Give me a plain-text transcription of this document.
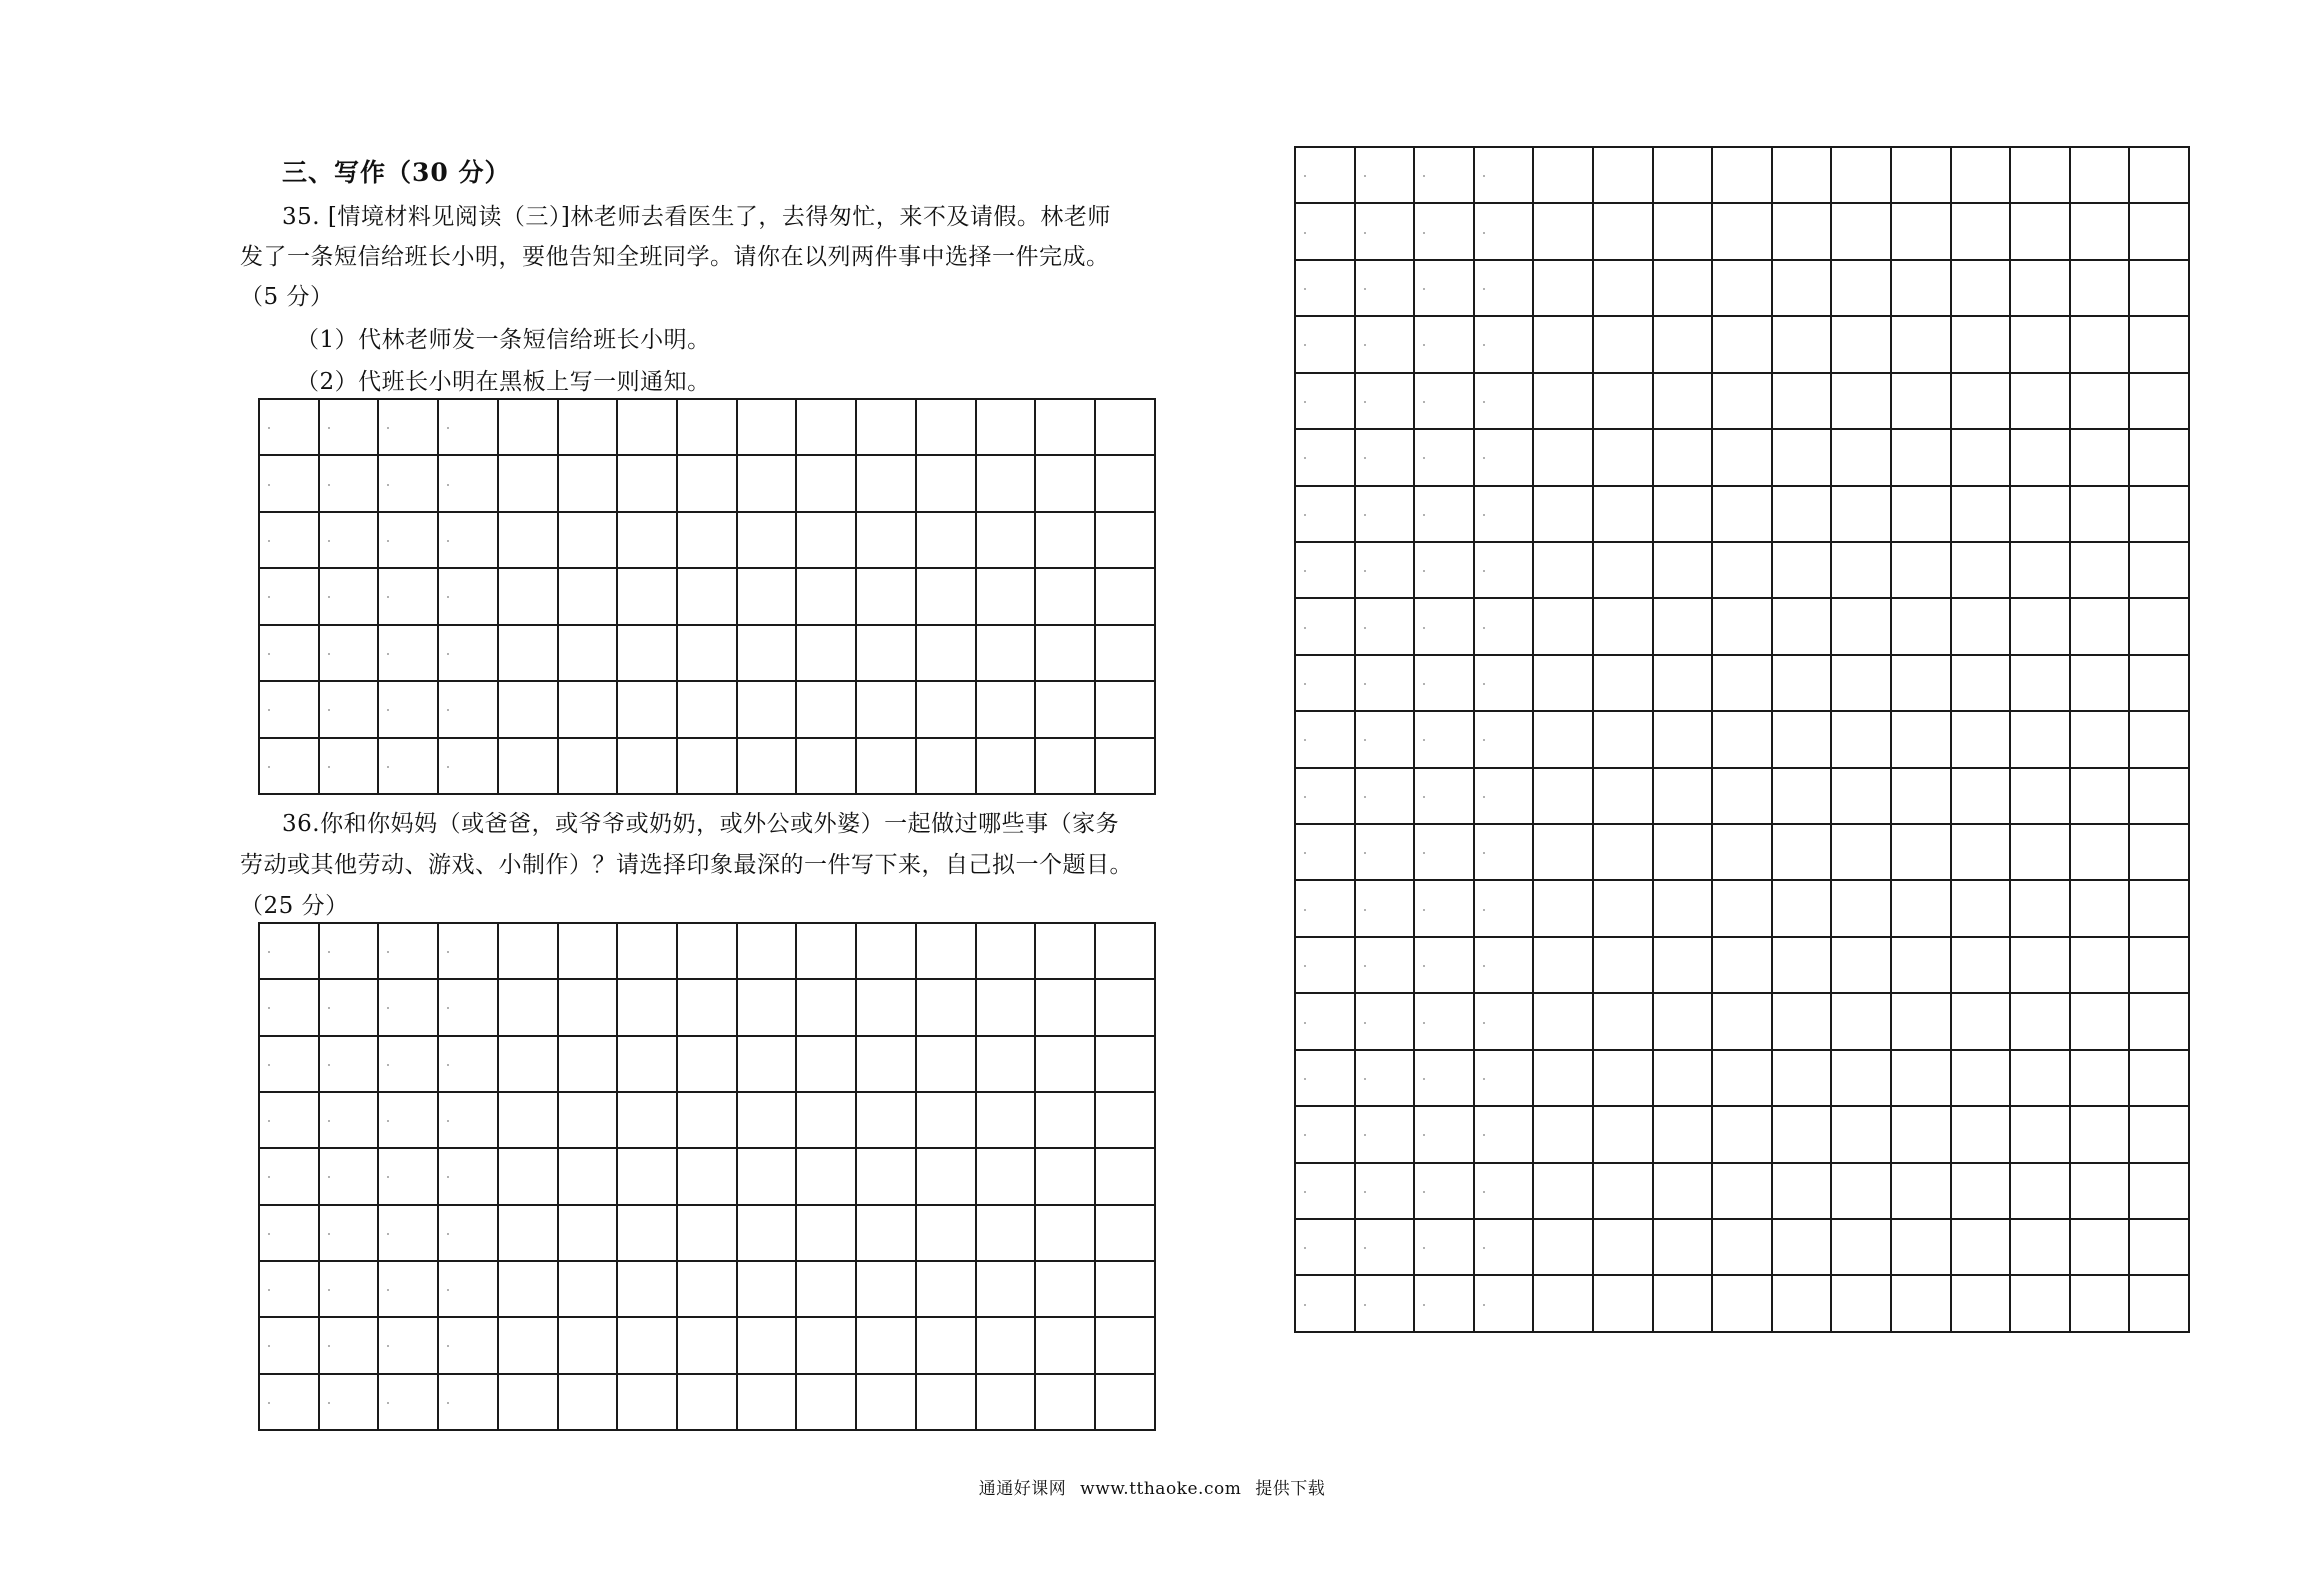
三、写作（30 分）
35. [情境材料见阅读（三）]林老师去看医生了，去得匆忙，来不及请假。林老师
发了一条短信给班长小明，要他告知全班同学。请你在以列两件事中选择一件完成。
（5 分）
（1）代林老师发一条短信给班长小明。
（2）代班长小明在黑板上写一则通知。

36.你和你妈妈（或爸爸，或爷爷或奶奶，或外公或外婆）一起做过哪些事（家务
劳动或其他劳动、游戏、小制作）？请选择印象最深的一件写下来，自己拟一个题目。
（25 分）

通通好课网 www.tthaoke.com 提供下载
